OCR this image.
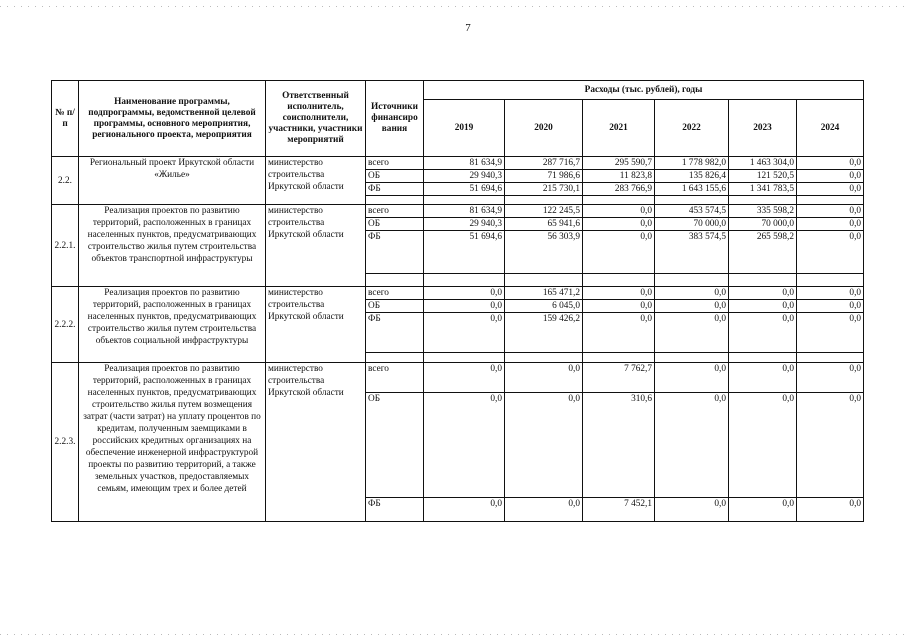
7
№ п/п	Наименование программы, подпрограммы, ведомственной целевой программы, основного мероприятия, регионального проекта, мероприятия	Ответственный исполнитель, соисполнители, участники, участники мероприятий	Источники финансиро вания	Расходы (тыс. рублей), годы					
				2019	2020	2021	2022	2023	2024
2.2.	Региональный проект Иркутской области «Жилье»	министерство строительства Иркутской области	всего	81 634,9	287 716,7	295 590,7	1 778 982,0	1 463 304,0	0,0
			ОБ	29 940,3	71 986,6	11 823,8	135 826,4	121 520,5	0,0
			ФБ	51 694,6	215 730,1	283 766,9	1 643 155,6	1 341 783,5	0,0

2.2.1.	Реализация проектов по развитию территорий, расположенных в границах населенных пунктов, предусматривающих строительство жилья путем строительства объектов транспортной инфраструктуры	министерство строительства Иркутской области	всего	81 634,9	122 245,5	0,0	453 574,5	335 598,2	0,0
			ОБ	29 940,3	65 941,6	0,0	70 000,0	70 000,0	0,0
			ФБ	51 694,6	56 303,9	0,0	383 574,5	265 598,2	0,0

2.2.2.	Реализация проектов по развитию территорий, расположенных в границах населенных пунктов, предусматривающих строительство жилья путем строительства объектов социальной инфраструктуры	министерство строительства Иркутской области	всего	0,0	165 471,2	0,0	0,0	0,0	0,0
			ОБ	0,0	6 045,0	0,0	0,0	0,0	0,0
			ФБ	0,0	159 426,2	0,0	0,0	0,0	0,0

2.2.3.	Реализация проектов по развитию территорий, расположенных в границах населенных пунктов, предусматривающих строительство жилья путем возмещения затрат (части затрат) на уплату процентов по кредитам, полученным заемщиками в российских кредитных организациях на обеспечение инженерной инфраструктурой проекты по развитию территорий, а также земельных участков, предоставляемых семьям, имеющим трех и более детей	министерство строительства Иркутской области	всего	0,0	0,0	7 762,7	0,0	0,0	0,0
			ОБ	0,0	0,0	310,6	0,0	0,0	0,0
			ФБ	0,0	0,0	7 452,1	0,0	0,0	0,0
